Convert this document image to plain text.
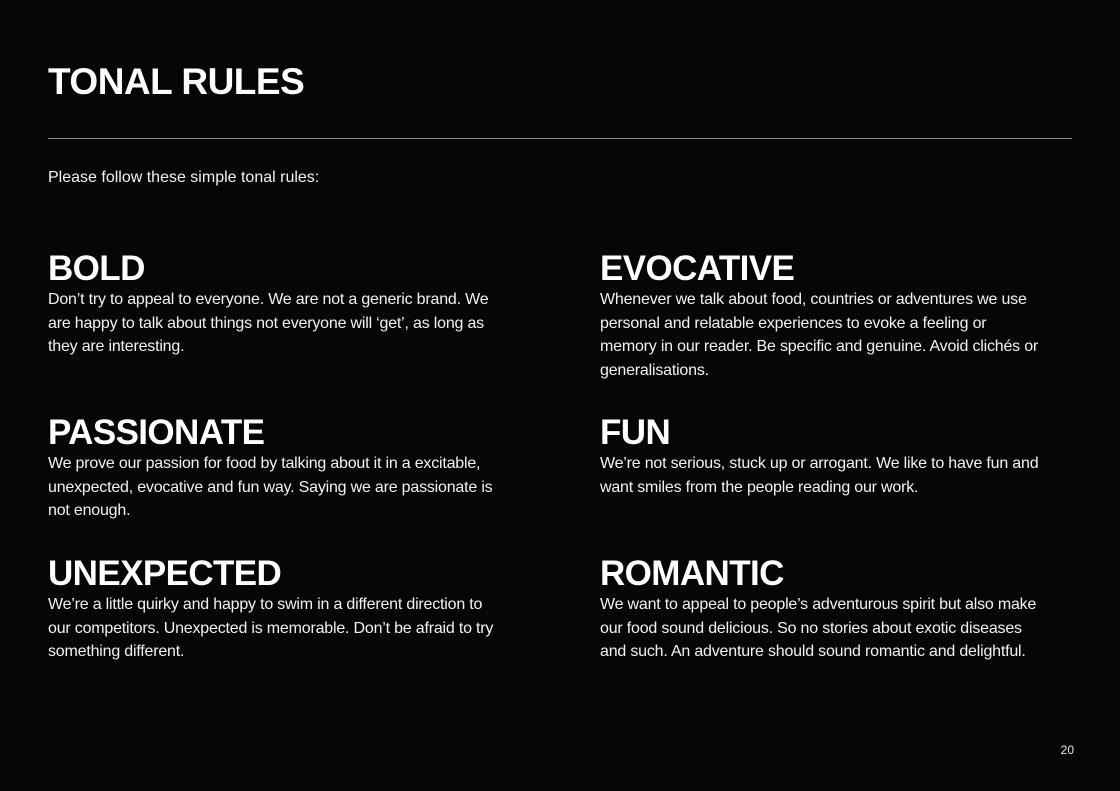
TONAL RULES

Please follow these simple tonal rules:

BOLD

Don’t try to appeal to everyone. We are not a generic brand. We are happy to talk about things not everyone will ‘get’, as long as they are interesting.

PASSIONATE

We prove our passion for food by talking about it in a excitable, unexpected, evocative and fun way. Saying we are passionate is not enough.

UNEXPECTED

We’re a little quirky and happy to swim in a different direction to our competitors. Unexpected is memorable. Don’t be afraid to try something different.

EVOCATIVE

Whenever we talk about food, countries or adventures we use personal and relatable experiences to evoke a feeling or memory in our reader. Be specific and genuine. Avoid clichés or generalisations.

FUN

We’re not serious, stuck up or arrogant. We like to have fun and want smiles from the people reading our work.

ROMANTIC

We want to appeal to people’s adventurous spirit but also make our food sound delicious. So no stories about exotic diseases and such. An adventure should sound romantic and delightful.

20
